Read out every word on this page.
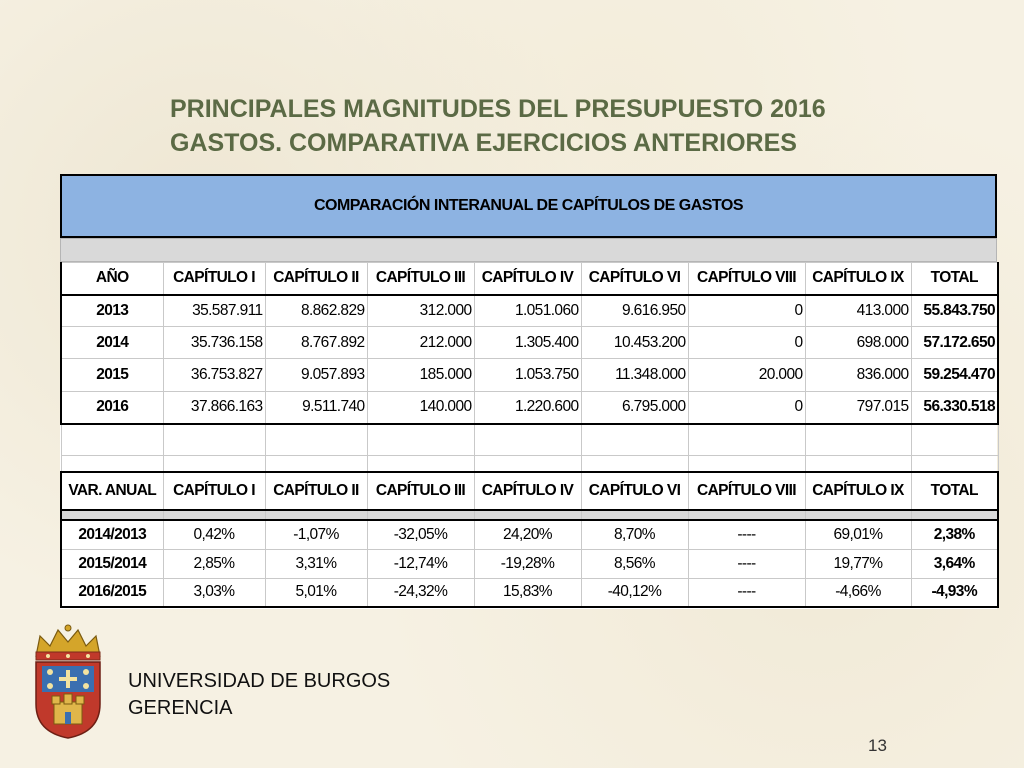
PRINCIPALES MAGNITUDES DEL PRESUPUESTO 2016
GASTOS. COMPARATIVA EJERCICIOS ANTERIORES
COMPARACIÓN INTERANUAL DE CAPÍTULOS DE GASTOS
AÑO	CAPÍTULO I	CAPÍTULO II	CAPÍTULO III	CAPÍTULO IV	CAPÍTULO VI	CAPÍTULO VIII	CAPÍTULO IX	TOTAL
2013	35.587.911	8.862.829	312.000	1.051.060	9.616.950	0	413.000	55.843.750
2014	35.736.158	8.767.892	212.000	1.305.400	10.453.200	0	698.000	57.172.650
2015	36.753.827	9.057.893	185.000	1.053.750	11.348.000	20.000	836.000	59.254.470
2016	37.866.163	9.511.740	140.000	1.220.600	6.795.000	0	797.015	56.330.518

VAR. ANUAL	CAPÍTULO I	CAPÍTULO II	CAPÍTULO III	CAPÍTULO IV	CAPÍTULO VI	CAPÍTULO VIII	CAPÍTULO IX	TOTAL

2014/2013	0,42%	-1,07%	-32,05%	24,20%	8,70%	----	69,01%	2,38%
2015/2014	2,85%	3,31%	-12,74%	-19,28%	8,56%	----	19,77%	3,64%
2016/2015	3,03%	5,01%	-24,32%	15,83%	-40,12%	----	-4,66%	-4,93%
UNIVERSIDAD DE BURGOS
GERENCIA
13
